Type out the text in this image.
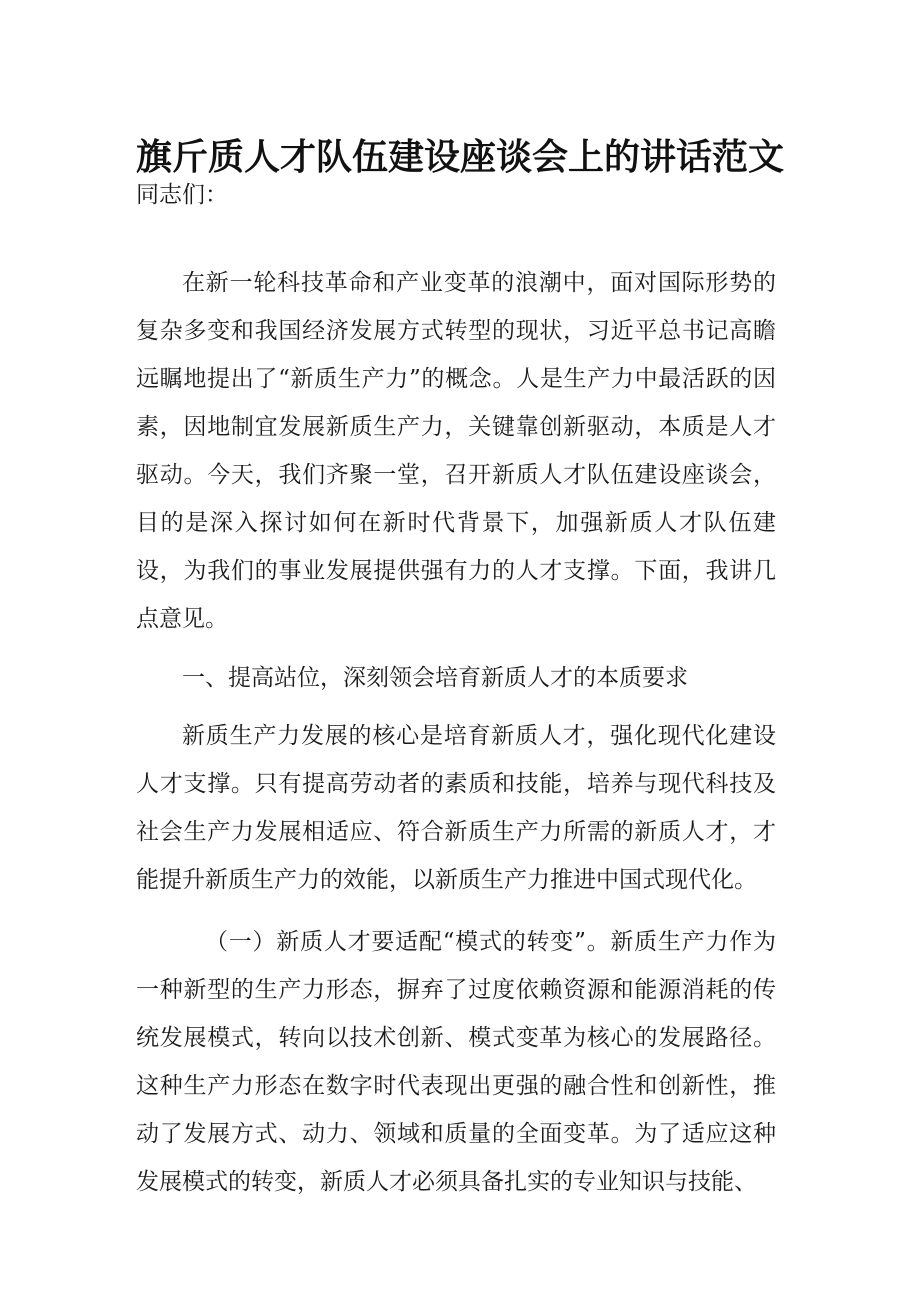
旗斤质人才队伍建设座谈会上的讲话范文

同志们：

在新一轮科技革命和产业变革的浪潮中，面对国际形势的复杂多变和我国经济发展方式转型的现状，习近平总书记高瞻远瞩地提出了“新质生产力”的概念。人是生产力中最活跃的因素，因地制宜发展新质生产力，关键靠创新驱动，本质是人才驱动。今天，我们齐聚一堂，召开新质人才队伍建设座谈会，目的是深入探讨如何在新时代背景下，加强新质人才队伍建设，为我们的事业发展提供强有力的人才支撑。下面，我讲几点意见。

一、提高站位，深刻领会培育新质人才的本质要求

新质生产力发展的核心是培育新质人才，强化现代化建设人才支撑。只有提高劳动者的素质和技能，培养与现代科技及社会生产力发展相适应、符合新质生产力所需的新质人才，才能提升新质生产力的效能，以新质生产力推进中国式现代化。

（一）新质人才要适配“模式的转变”。新质生产力作为一种新型的生产力形态，摒弃了过度依赖资源和能源消耗的传统发展模式，转向以技术创新、模式变革为核心的发展路径。这种生产力形态在数字时代表现出更强的融合性和创新性，推动了发展方式、动力、领域和质量的全面变革。为了适应这种发展模式的转变，新质人才必须具备扎实的专业知识与技能、
